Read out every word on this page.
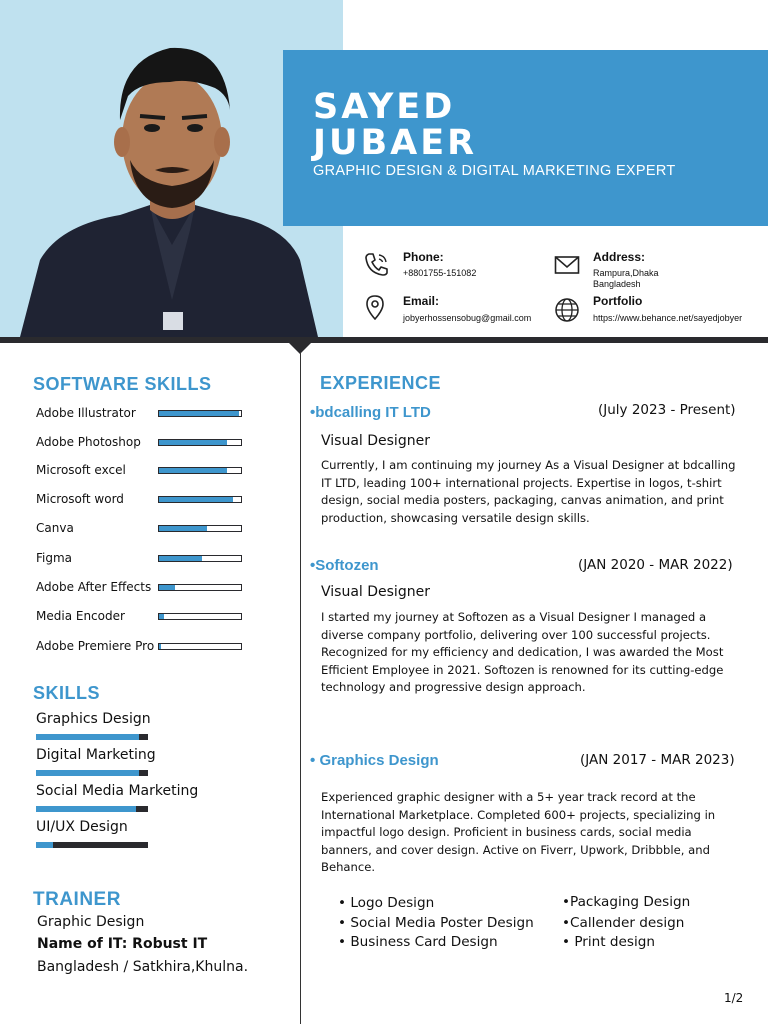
SAYED
JUBAER
GRAPHIC DESIGN & DIGITAL MARKETING EXPERT
Phone:
+8801755-151082
Email:
jobyerhossensobug@gmail.com
Address:
Rampura,Dhaka
Bangladesh
Portfolio
https://www.behance.net/sayedjobyer
SOFTWARE SKILLS
Adobe Illustrator
Adobe Photoshop
Microsoft excel
Microsoft word
Canva
Figma
Adobe After Effects
Media Encoder
Adobe Premiere Pro
SKILLS
Graphics Design
Digital Marketing
Social Media Marketing
UI/UX Design
TRAINER
Graphic Design
Name of IT: Robust IT
Bangladesh / Satkhira,Khulna.
EXPERIENCE
•bdcalling IT LTD	(July 2023 - Present)
Visual Designer
Currently, I am continuing my journey As a Visual Designer at bdcalling IT LTD, leading 100+ international projects. Expertise in logos, t-shirt design, social media posters, packaging, canvas animation, and print production, showcasing versatile design skills.
•Softozen	(JAN 2020 - MAR 2022)
Visual Designer
I started my journey at Softozen as a Visual Designer I managed a diverse company portfolio, delivering over 100 successful projects. Recognized for my efficiency and dedication, I was awarded the Most Efficient Employee in 2021. Softozen is renowned for its cutting-edge technology and progressive design approach.
• Graphics Design	(JAN 2017 - MAR 2023)
Experienced graphic designer with a 5+ year track record at the International Marketplace. Completed 600+ projects, specializing in impactful logo design. Proficient in business cards, social media banners, and cover design. Active on Fiverr, Upwork, Dribbble, and Behance.
• Logo Design
• Social Media Poster Design
• Business Card Design
•Packaging Design
•Callender design
• Print design
1/2
